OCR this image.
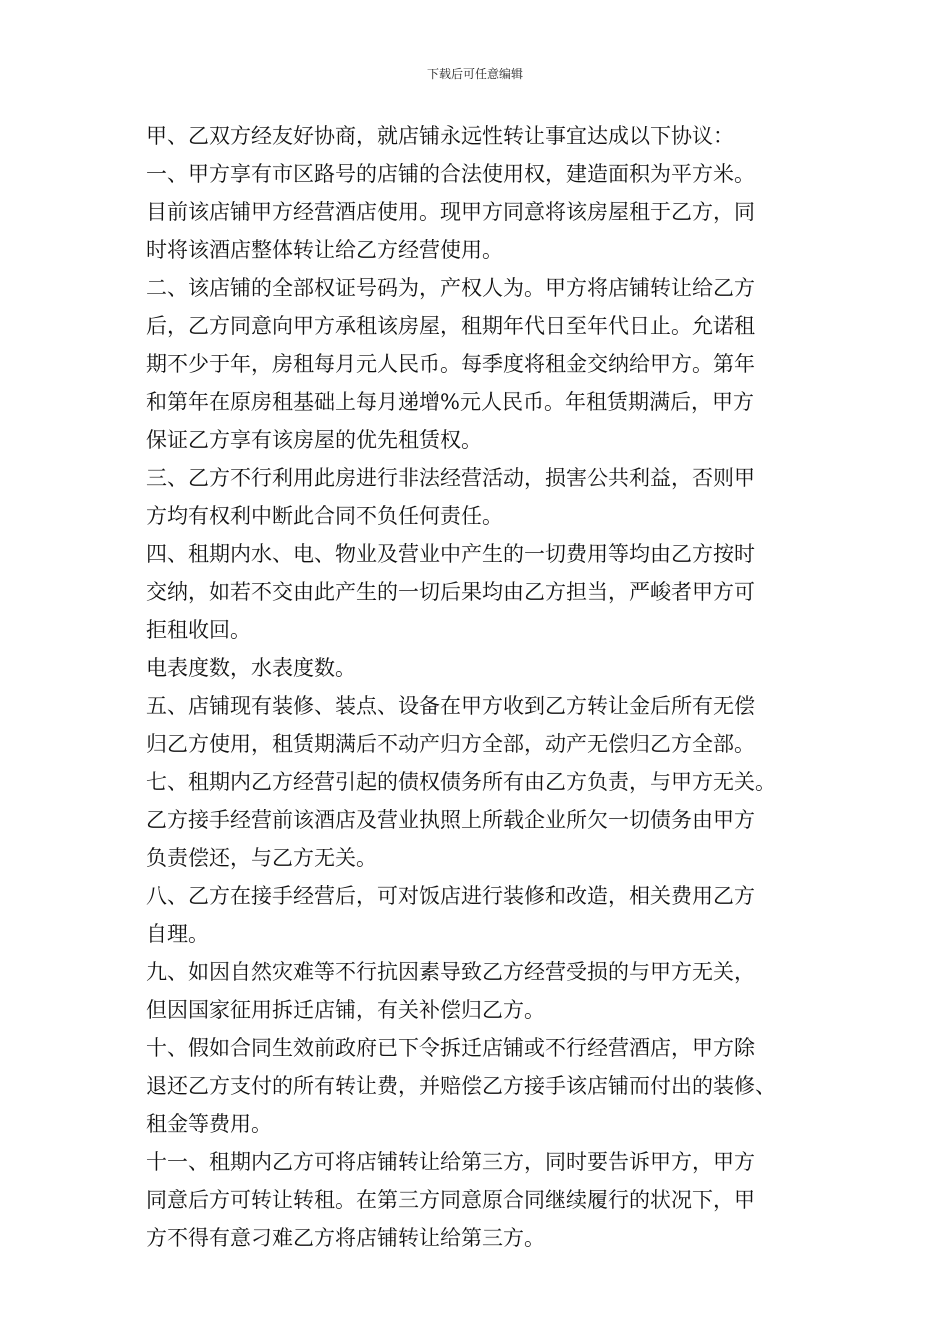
下载后可任意编辑
甲、乙双方经友好协商，就店铺永远性转让事宜达成以下协议：
一、甲方享有市区路号的店铺的合法使用权，建造面积为平方米。
目前该店铺甲方经营酒店使用。现甲方同意将该房屋租于乙方，同
时将该酒店整体转让给乙方经营使用。
二、该店铺的全部权证号码为，产权人为。甲方将店铺转让给乙方
后，乙方同意向甲方承租该房屋，租期年代日至年代日止。允诺租
期不少于年，房租每月元人民币。每季度将租金交纳给甲方。第年
和第年在原房租基础上每月递增%元人民币。年租赁期满后，甲方
保证乙方享有该房屋的优先租赁权。
三、乙方不行利用此房进行非法经营活动，损害公共利益，否则甲
方均有权利中断此合同不负任何责任。
四、租期内水、电、物业及营业中产生的一切费用等均由乙方按时
交纳，如若不交由此产生的一切后果均由乙方担当，严峻者甲方可
拒租收回。
电表度数，水表度数。
五、店铺现有装修、装点、设备在甲方收到乙方转让金后所有无偿
归乙方使用，租赁期满后不动产归方全部，动产无偿归乙方全部。
七、租期内乙方经营引起的债权债务所有由乙方负责，与甲方无关。
乙方接手经营前该酒店及营业执照上所载企业所欠一切债务由甲方
负责偿还，与乙方无关。
八、乙方在接手经营后，可对饭店进行装修和改造，相关费用乙方
自理。
九、如因自然灾难等不行抗因素导致乙方经营受损的与甲方无关，
但因国家征用拆迁店铺，有关补偿归乙方。
十、假如合同生效前政府已下令拆迁店铺或不行经营酒店，甲方除
退还乙方支付的所有转让费，并赔偿乙方接手该店铺而付出的装修、
租金等费用。
十一、租期内乙方可将店铺转让给第三方，同时要告诉甲方，甲方
同意后方可转让转租。在第三方同意原合同继续履行的状况下，甲
方不得有意刁难乙方将店铺转让给第三方。
